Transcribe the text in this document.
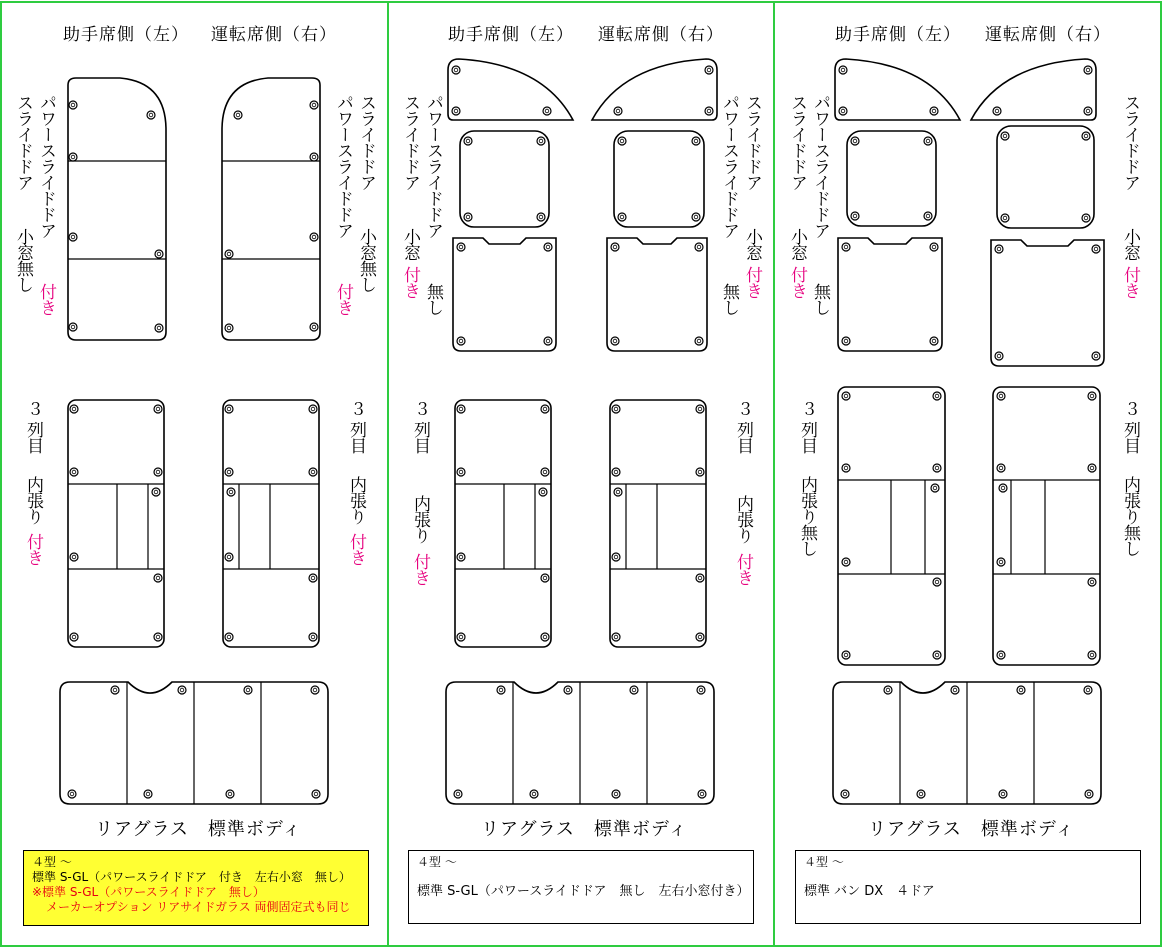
助手席側（左） 運転席側（右）
パワースライドドア
スライドドア
小窓無し
付き
スライドドア
パワースライドドア
小窓無し
付き
３
列目
内張り
付き
３
列目
内張り
付き
リアグラス　標準ボディ
助手席側（左） 運転席側（右）
パワースライドドア
スライドドア
小窓
付き
無し
スライドドア
パワースライドドア
小窓
付き
無し
３
列目
内張り
付き
３
列目
内張り
付き
リアグラス　標準ボディ
助手席側（左） 運転席側（右）
パワースライドドア
スライドドア
小窓
付き
無し
スライドドア
小窓
付き
３
列目
内張り無し
３
列目
内張り無し
リアグラス　標準ボディ
４型 ～
標準 S-GL（パワースライドドア　付き　左右小窓　無し）
※標準 S-GL（パワースライドドア　無し）
メーカーオプション リアサイドガラス 両側固定式も同じ
４型 ～
標準 S-GL（パワースライドドア　無し　左右小窓付き）
４型 ～
標準 バン DX　４ドア
